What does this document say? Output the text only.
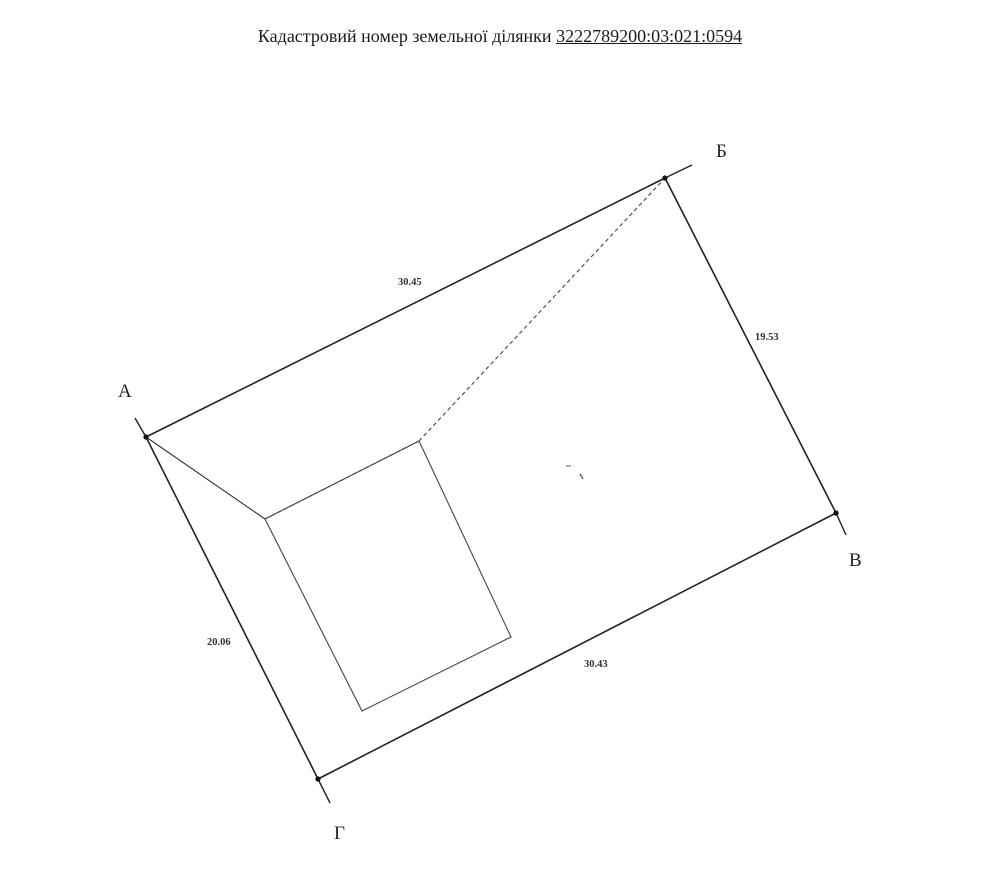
Кадастровий номер земельної ділянки 3222789200:03:021:0594
А
Б
В
Г
30.45
19.53
30.43
20.06
